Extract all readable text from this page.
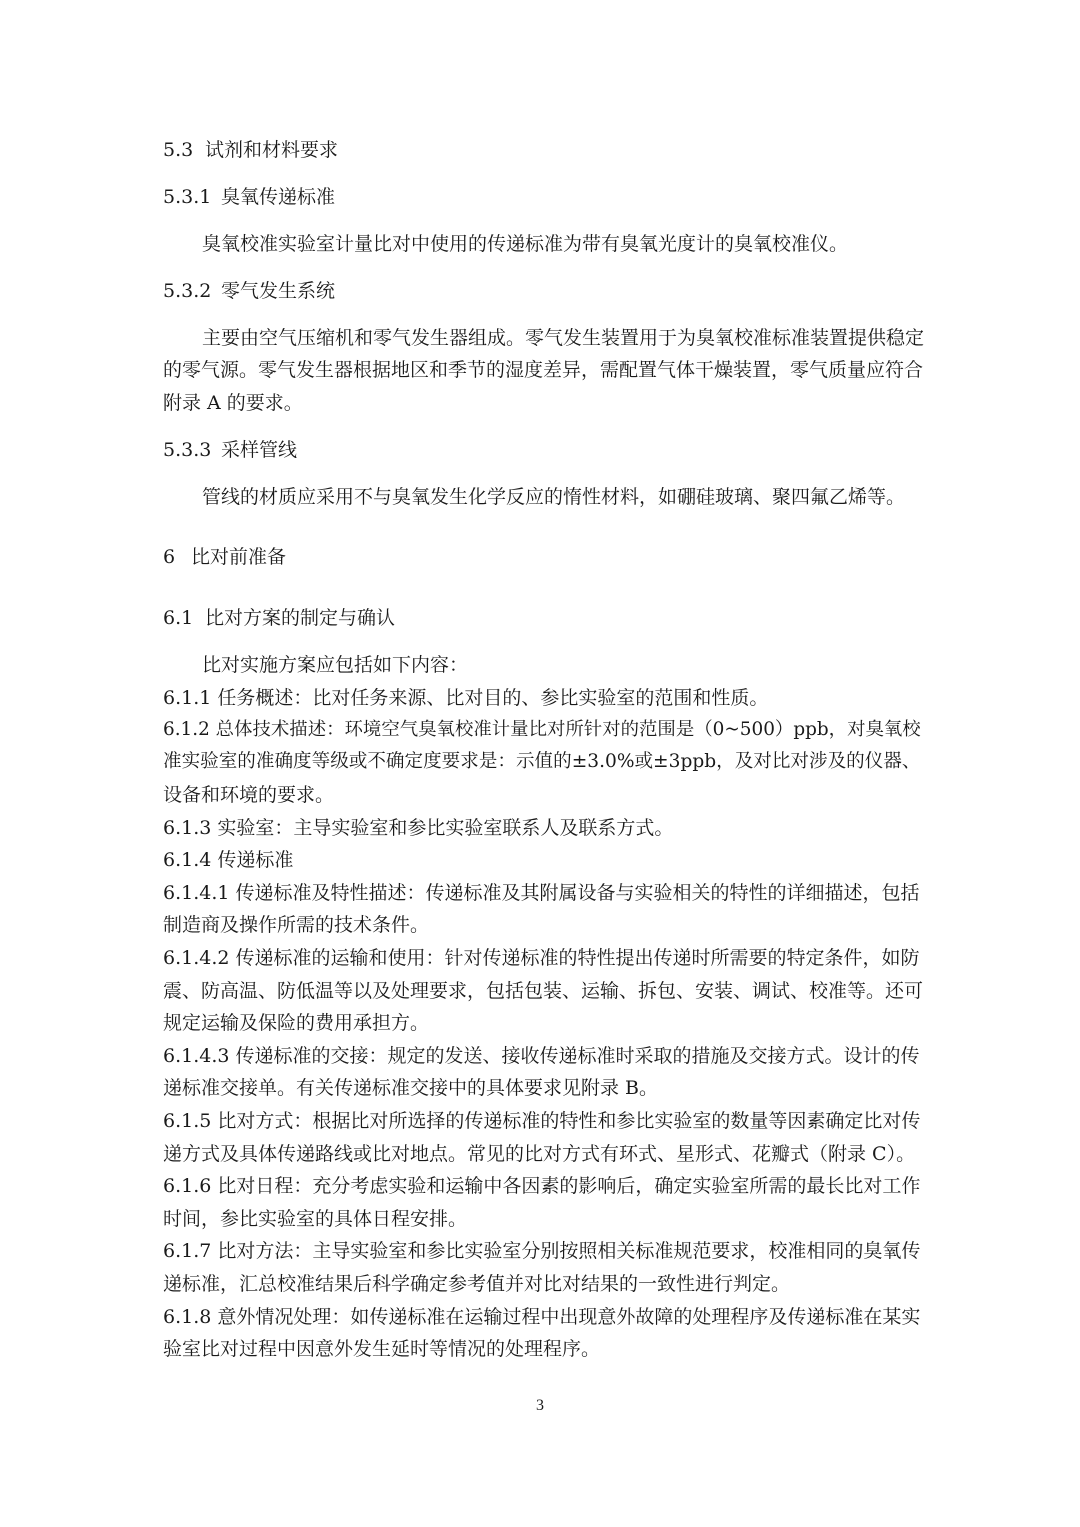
5.3 试剂和材料要求
5.3.1 臭氧传递标准
臭氧校准实验室计量比对中使用的传递标准为带有臭氧光度计的臭氧校准仪。
5.3.2 零气发生系统
主要由空气压缩机和零气发生器组成。零气发生装置用于为臭氧校准标准装置提供稳定
的零气源。零气发生器根据地区和季节的湿度差异，需配置气体干燥装置，零气质量应符合
附录 A 的要求。
5.3.3 采样管线
管线的材质应采用不与臭氧发生化学反应的惰性材料，如硼硅玻璃、聚四氟乙烯等。
6 比对前准备
6.1 比对方案的制定与确认
比对实施方案应包括如下内容：
6.1.1 任务概述：比对任务来源、比对目的、参比实验室的范围和性质。
6.1.2 总体技术描述：环境空气臭氧校准计量比对所针对的范围是（0~500）ppb，对臭氧校
准实验室的准确度等级或不确定度要求是：示值的±3.0%或±3ppb，及对比对涉及的仪器、
设备和环境的要求。
6.1.3 实验室：主导实验室和参比实验室联系人及联系方式。
6.1.4 传递标准
6.1.4.1 传递标准及特性描述：传递标准及其附属设备与实验相关的特性的详细描述，包括
制造商及操作所需的技术条件。
6.1.4.2 传递标准的运输和使用：针对传递标准的特性提出传递时所需要的特定条件，如防
震、防高温、防低温等以及处理要求，包括包装、运输、拆包、安装、调试、校准等。还可
规定运输及保险的费用承担方。
6.1.4.3 传递标准的交接：规定的发送、接收传递标准时采取的措施及交接方式。设计的传
递标准交接单。有关传递标准交接中的具体要求见附录 B。
6.1.5 比对方式：根据比对所选择的传递标准的特性和参比实验室的数量等因素确定比对传
递方式及具体传递路线或比对地点。常见的比对方式有环式、星形式、花瓣式（附录 C）。
6.1.6 比对日程：充分考虑实验和运输中各因素的影响后，确定实验室所需的最长比对工作
时间，参比实验室的具体日程安排。
6.1.7 比对方法：主导实验室和参比实验室分别按照相关标准规范要求，校准相同的臭氧传
递标准，汇总校准结果后科学确定参考值并对比对结果的一致性进行判定。
6.1.8 意外情况处理：如传递标准在运输过程中出现意外故障的处理程序及传递标准在某实
验室比对过程中因意外发生延时等情况的处理程序。
3
